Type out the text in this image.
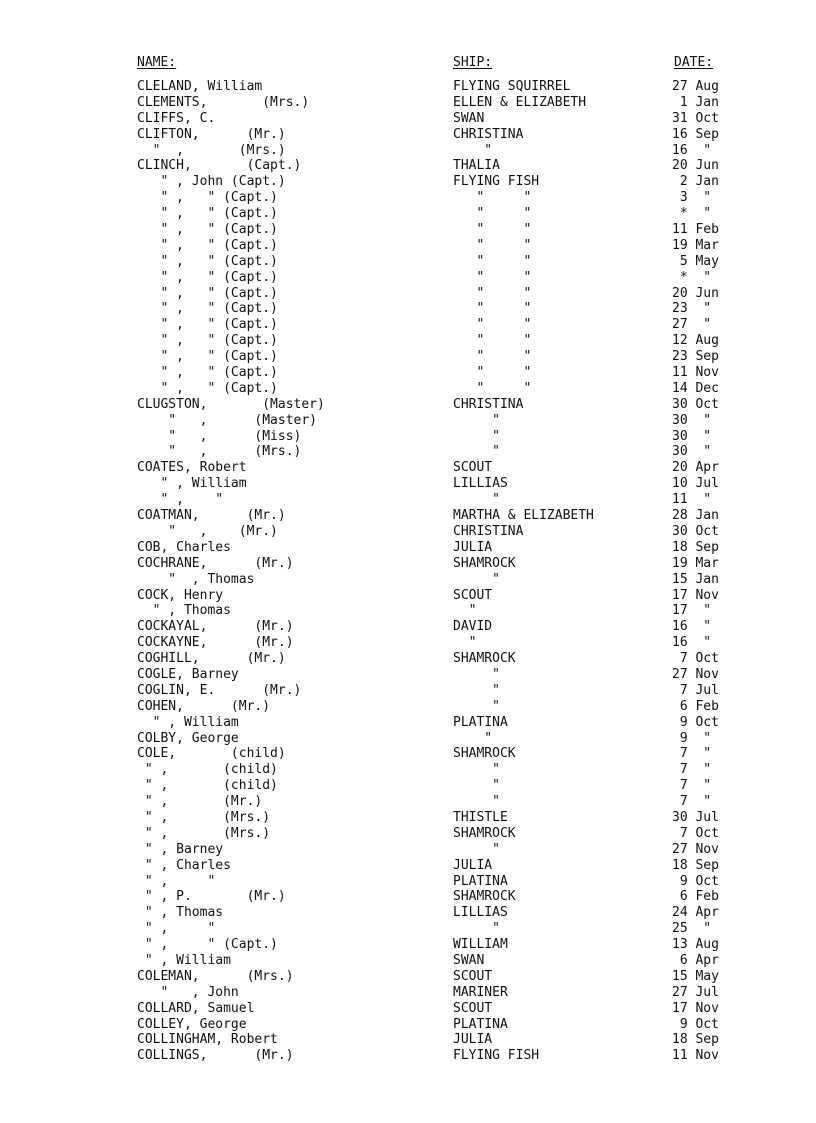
NAME:	SHIP:	DATE:
CLELAND, William	FLYING SQUIRREL	27 Aug
CLEMENTS,       (Mrs.)	ELLEN & ELIZABETH	1 Jan
CLIFFS, C.	SWAN	31 Oct
CLIFTON,      (Mr.)	CHRISTINA	16 Sep
"  ,       (Mrs.)	"	16  "
CLINCH,       (Capt.)	THALIA	20 Jun
" , John (Capt.)	FLYING FISH	2 Jan
" ,   " (Capt.)	"     "	3  "
" ,   " (Capt.)	"     "	*  "
" ,   " (Capt.)	"     "	11 Feb
" ,   " (Capt.)	"     "	19 Mar
" ,   " (Capt.)	"     "	5 May
" ,   " (Capt.)	"     "	*  "
" ,   " (Capt.)	"     "	20 Jun
" ,   " (Capt.)	"     "	23  "
" ,   " (Capt.)	"     "	27  "
" ,   " (Capt.)	"     "	12 Aug
" ,   " (Capt.)	"     "	23 Sep
" ,   " (Capt.)	"     "	11 Nov
" ,   " (Capt.)	"     "	14 Dec
CLUGSTON,       (Master)	CHRISTINA	30 Oct
"   ,      (Master)	"	30  "
"   ,      (Miss)	"	30  "
"   ,      (Mrs.)	"	30  "
COATES, Robert	SCOUT	20 Apr
" , William	LILLIAS	10 Jul
" ,    "	"	11  "
COATMAN,      (Mr.)	MARTHA & ELIZABETH	28 Jan
"   ,    (Mr.)	CHRISTINA	30 Oct
COB, Charles	JULIA	18 Sep
COCHRANE,      (Mr.)	SHAMROCK	19 Mar
"  , Thomas	"	15 Jan
COCK, Henry	SCOUT	17 Nov
" , Thomas	"	17  "
COCKAYAL,      (Mr.)	DAVID	16  "
COCKAYNE,      (Mr.)	"	16  "
COGHILL,      (Mr.)	SHAMROCK	7 Oct
COGLE, Barney	"	27 Nov
COGLIN, E.      (Mr.)	"	7 Jul
COHEN,      (Mr.)	"	6 Feb
" , William	PLATINA	9 Oct
COLBY, George	"	9  "
COLE,       (child)	SHAMROCK	7  "
" ,       (child)	"	7  "
" ,       (child)	"	7  "
" ,       (Mr.)	"	7  "
" ,       (Mrs.)	THISTLE	30 Jul
" ,       (Mrs.)	SHAMROCK	7 Oct
" , Barney	"	27 Nov
" , Charles	JULIA	18 Sep
" ,     "	PLATINA	9 Oct
" , P.       (Mr.)	SHAMROCK	6 Feb
" , Thomas	LILLIAS	24 Apr
" ,     "	"	25  "
" ,     " (Capt.)	WILLIAM	13 Aug
" , William	SWAN	6 Apr
COLEMAN,      (Mrs.)	SCOUT	15 May
"   , John	MARINER	27 Jul
COLLARD, Samuel	SCOUT	17 Nov
COLLEY, George	PLATINA	9 Oct
COLLINGHAM, Robert	JULIA	18 Sep
COLLINGS,      (Mr.)	FLYING FISH	11 Nov
